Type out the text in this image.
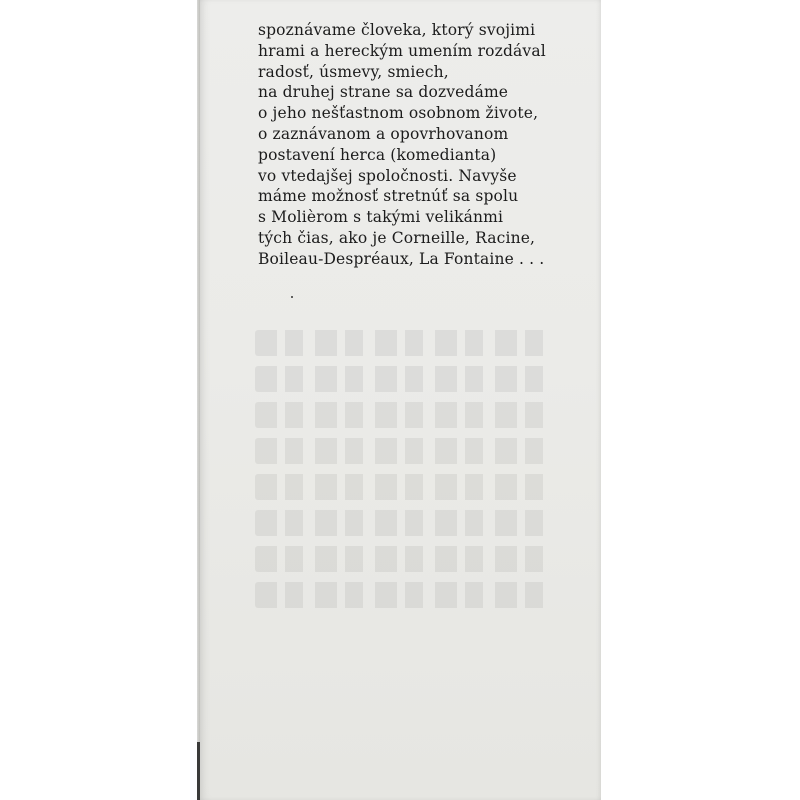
spoznávame človeka, ktorý svojimi
hrami a hereckým umením rozdával
radosť, úsmevy, smiech,
na druhej strane sa dozvedáme
o jeho nešťastnom osobnom živote,
o zaznávanom a opovrhovanom
postavení herca (komedianta)
vo vtedajšej spoločnosti. Navyše
máme možnosť stretnúť sa spolu
s Molièrom s takými velikánmi
tých čias, ako je Corneille, Racine,
Boileau-Despréaux, La Fontaine . . .
